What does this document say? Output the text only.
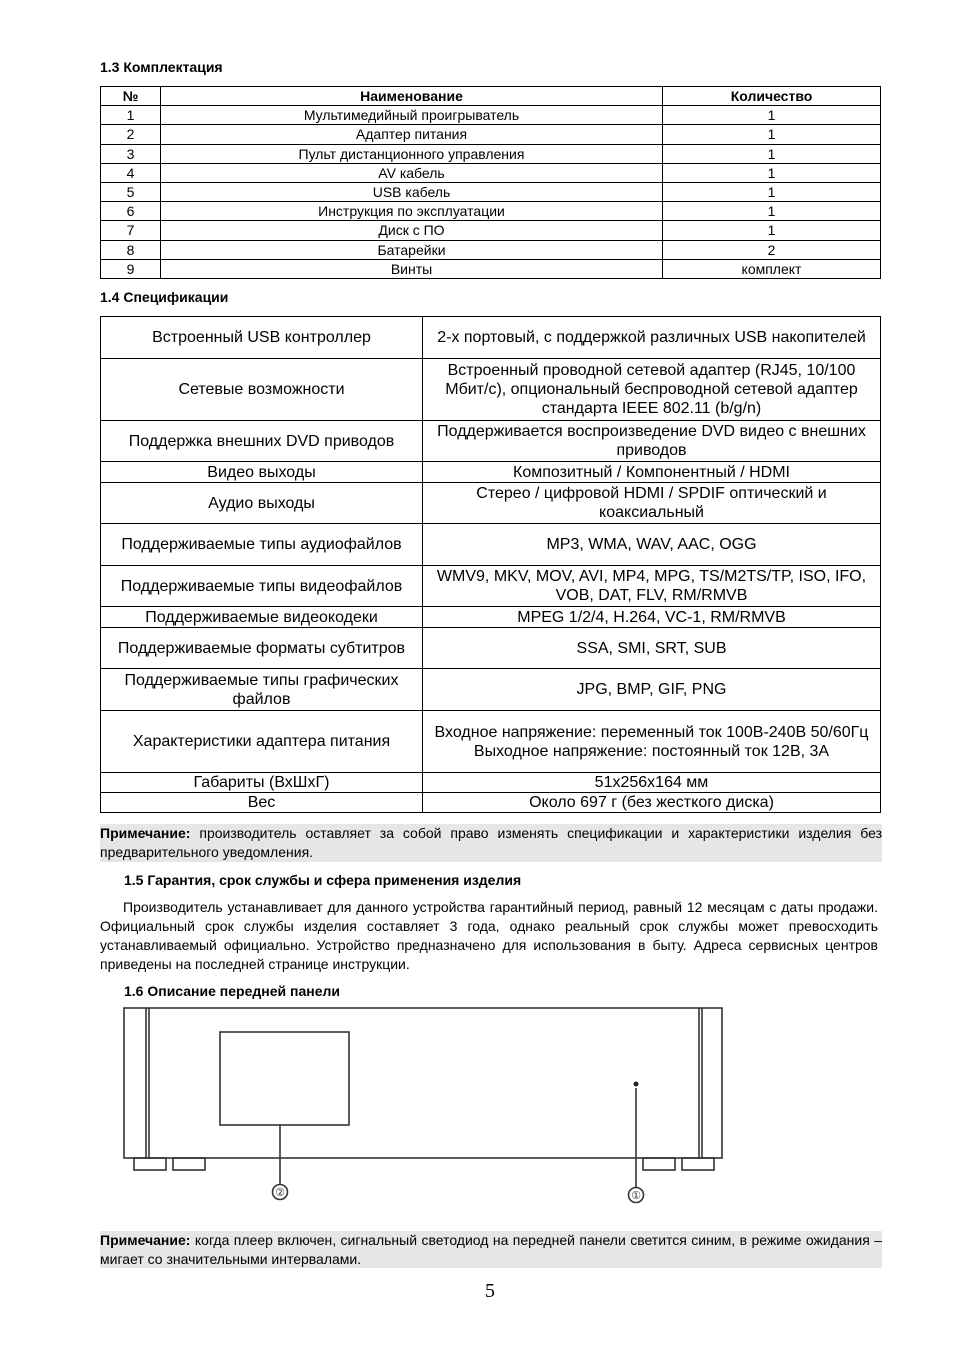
1.3 Комплектация
№	Наименование	Количество
1	Мультимедийный проигрыватель	1
2	Адаптер питания	1
3	Пульт дистанционного управления	1
4	AV кабель	1
5	USB кабель	1
6	Инструкция по эксплуатации	1
7	Диск с ПО	1
8	Батарейки	2
9	Винты	комплект
1.4 Спецификации
Встроенный USB контроллер	2-х портовый, с поддержкой различных USB накопителей
Сетевые возможности	Встроенный проводной сетевой адаптер (RJ45, 10/100 Мбит/с), опциональный беспроводной сетевой адаптер стандарта IEEE 802.11 (b/g/n)
Поддержка внешних DVD приводов	Поддерживается воспроизведение DVD видео с внешних приводов
Видео выходы	Композитный / Компонентный / HDMI
Аудио выходы	Стерео / цифровой HDMI / SPDIF оптический и коаксиальный
Поддерживаемые типы аудиофайлов	MP3, WMA, WAV, AAC, OGG
Поддерживаемые типы видеофайлов	WMV9, MKV, MOV, AVI, MP4, MPG, TS/M2TS/TP, ISO, IFO, VOB, DAT, FLV, RM/RMVB
Поддерживаемые видеокодеки	MPEG 1/2/4, H.264, VC-1, RM/RMVB
Поддерживаемые форматы субтитров	SSA, SMI, SRT, SUB
Поддерживаемые типы графических файлов	JPG, BMP, GIF, PNG
Характеристики адаптера питания	Входное напряжение: переменный ток 100В-240В 50/60Гц Выходное напряжение: постоянный ток 12В, 3А
Габариты (ВхШхГ)	51x256x164 мм
Вес	Около 697 г (без жесткого диска)
Примечание: производитель оставляет за собой право изменять спецификации и характеристики изделия без предварительного уведомления.
1.5 Гарантия, срок службы и сфера применения изделия
Производитель устанавливает для данного устройства гарантийный период, равный 12 месяцам с даты продажи. Официальный срок службы изделия составляет 3 года, однако реальный срок службы может превосходить устанавливаемый официально. Устройство предназначено для использования в быту. Адреса сервисных центров приведены на последней странице инструкции.
1.6 Описание передней панели
②	①
Примечание: когда плеер включен, сигнальный светодиод на передней панели светится синим, в режиме ожидания – мигает со значительными интервалами.
5
